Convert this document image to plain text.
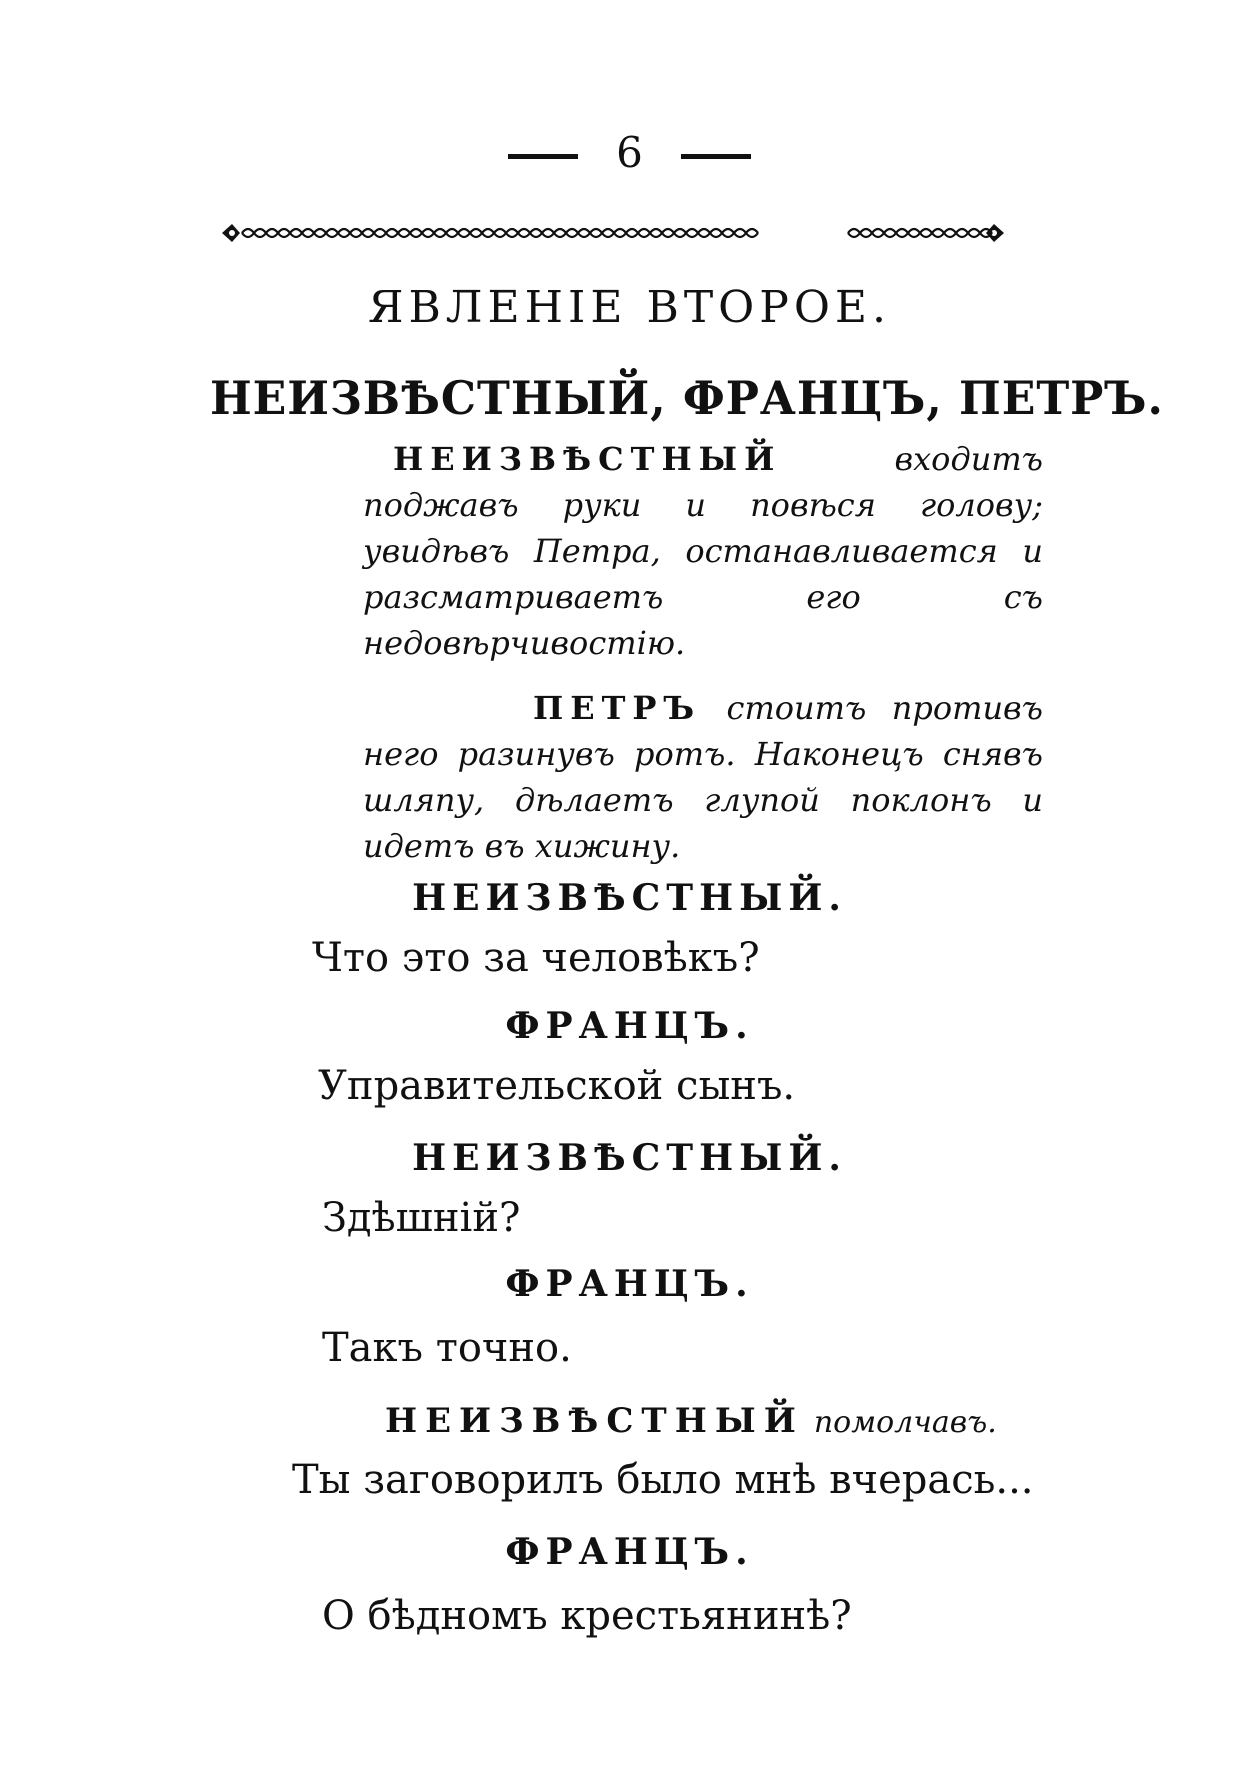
6
ЯВЛЕНІЕ ВТОРОЕ.
НЕИЗВѢСТНЫЙ, ФРАНЦЪ, ПЕТРЪ.
НЕИЗВѢСТНЫЙ	входитъ поджавъ руки и повѣся голову; увидѣвъ Петра, останавливается и разсматриваетъ его съ недовѣрчивостію.
ПЕТРЪ стоитъ противъ него разинувъ ротъ. Наконецъ снявъ шляпу, дѣлаетъ глупой поклонъ и идетъ въ хижину.
НЕИЗВѢСТНЫЙ.
Что это за человѣкъ?
ФРАНЦЪ.
Управительской сынъ.
НЕИЗВѢСТНЫЙ.
Здѣшній?
ФРАНЦЪ.
Такъ точно.
НЕИЗВѢСТНЫЙ помолчавъ.
Ты заговорилъ было мнѣ вчерась...
ФРАНЦЪ.
О бѣдномъ крестьянинѣ?
